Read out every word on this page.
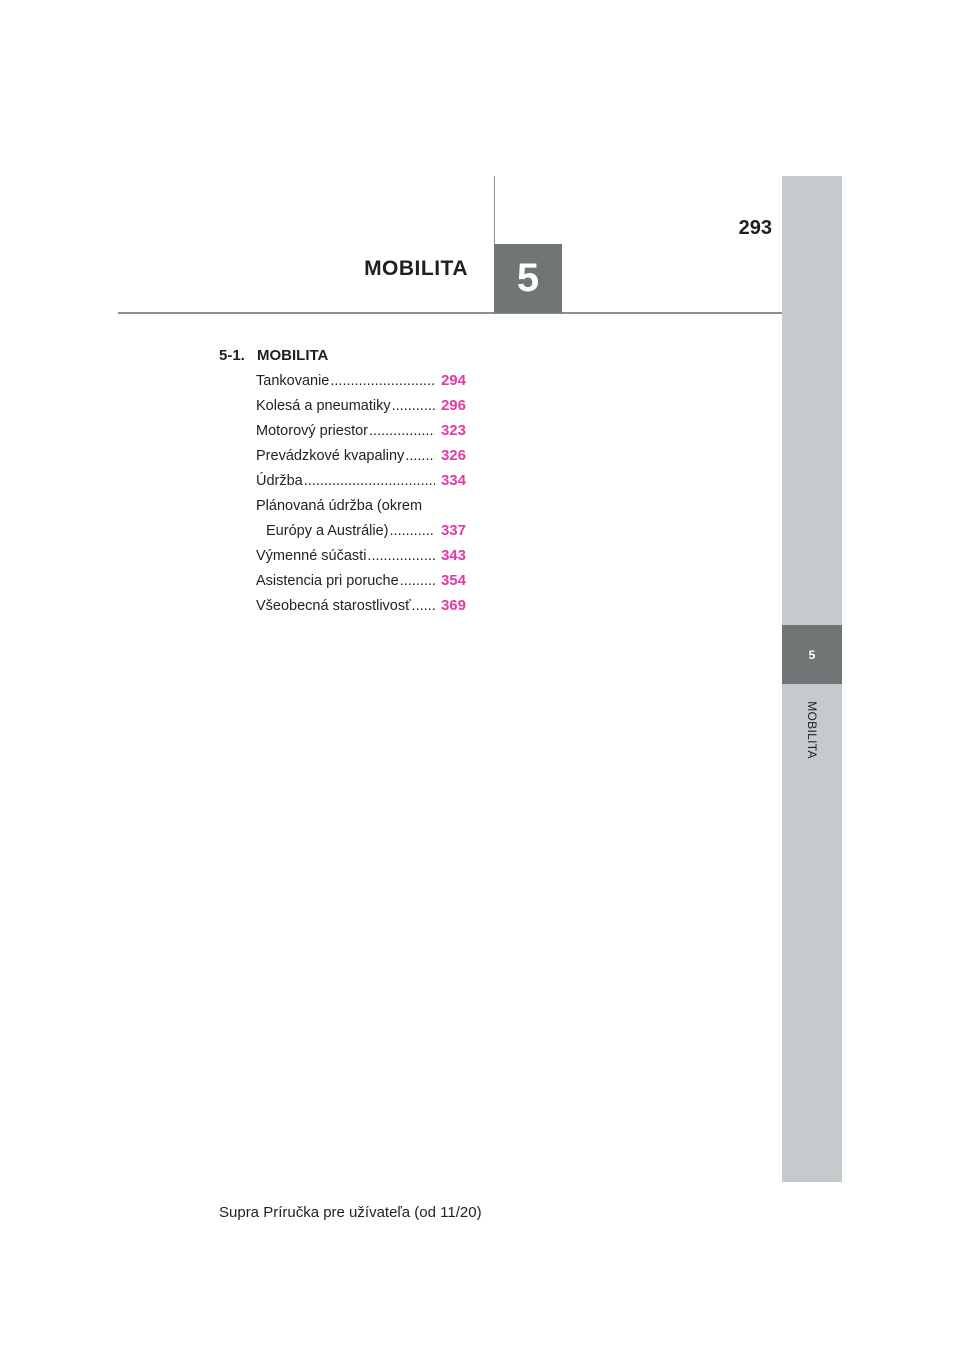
5
MOBILITA
293
MOBILITA 5
5-1. MOBILITA
Tankovanie .....	294
Kolesá a pneumatiky .....	296
Motorový priestor .....	323
Prevádzkové kvapaliny .....	326
Údržba .....	334
Plánovaná údržba (okrem
Európy a Austrálie) .....	337
Výmenné súčasti .....	343
Asistencia pri poruche .....	354
Všeobecná starostlivosť .....	369
Supra Príručka pre užívateľa (od 11/20)
